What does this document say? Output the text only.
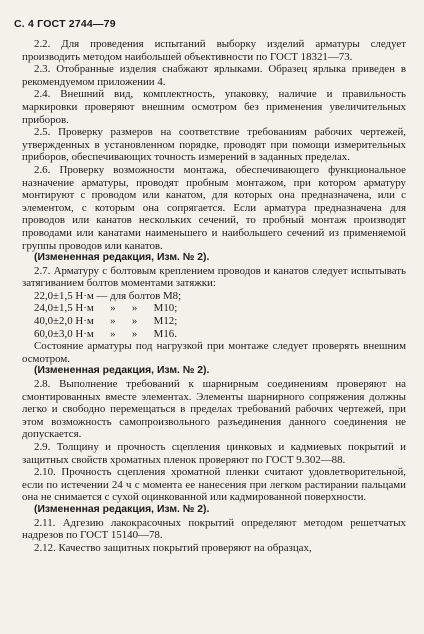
С. 4 ГОСТ 2744—79

2.2. Для проведения испытаний выборку изделий арматуры следует производить методом наибольшей объективности по ГОСТ 18321—73.

2.3. Отобранные изделия снабжают ярлыками. Образец ярлыка приведен в рекомендуемом приложении 4.

2.4. Внешний вид, комплектность, упаковку, наличие и правильность маркировки проверяют внешним осмотром без применения увеличительных приборов.

2.5. Проверку размеров на соответствие требованиям рабочих чертежей, утвержденных в установленном порядке, проводят при помощи измерительных приборов, обеспечивающих точность измерений в заданных пределах.

2.6. Проверку возможности монтажа, обеспечивающего функциональное назначение арматуры, проводят пробным монтажом, при котором арматуру монтируют с проводом или канатом, для которых она предназначена, или с элементом, с которым она сопрягается. Если арматура предназначена для проводов или канатов нескольких сечений, то пробный монтаж производят проводами или канатами наименьшего и наибольшего сечений из применяемой группы проводов или канатов.

(Измененная редакция, Изм. № 2).

2.7. Арматуру с болтовым креплением проводов и канатов следует испытывать затягиванием болтов моментами затяжки:

22,0±1,5 Н·м — для болтов М8;

24,0±1,5 Н·м      »      »      М10;

40,0±2,0 Н·м      »      »      М12;

60,0±3,0 Н·м      »      »      М16.

Состояние арматуры под нагрузкой при монтаже следует проверять внешним осмотром.

(Измененная редакция, Изм. № 2).

2.8. Выполнение требований к шарнирным соединениям проверяют на смонтированных вместе элементах. Элементы шарнирного сопряжения должны легко и свободно перемещаться в пределах требований рабочих чертежей, при этом возможность самопроизвольного разъединения данного соединения не допускается.

2.9. Толщину и прочность сцепления цинковых и кадмиевых покрытий и защитных свойств хроматных пленок проверяют по ГОСТ 9.302—88.

2.10. Прочность сцепления хроматной пленки считают удовлетворительной, если по истечении 24 ч с момента ее нанесения при легком растирании пальцами она не снимается с сухой оцинкованной или кадмированной поверхности.

(Измененная редакция, Изм. № 2).

2.11. Адгезию лакокрасочных покрытий определяют методом решетчатых надрезов по ГОСТ 15140—78.

2.12. Качество защитных покрытий проверяют на образцах,
